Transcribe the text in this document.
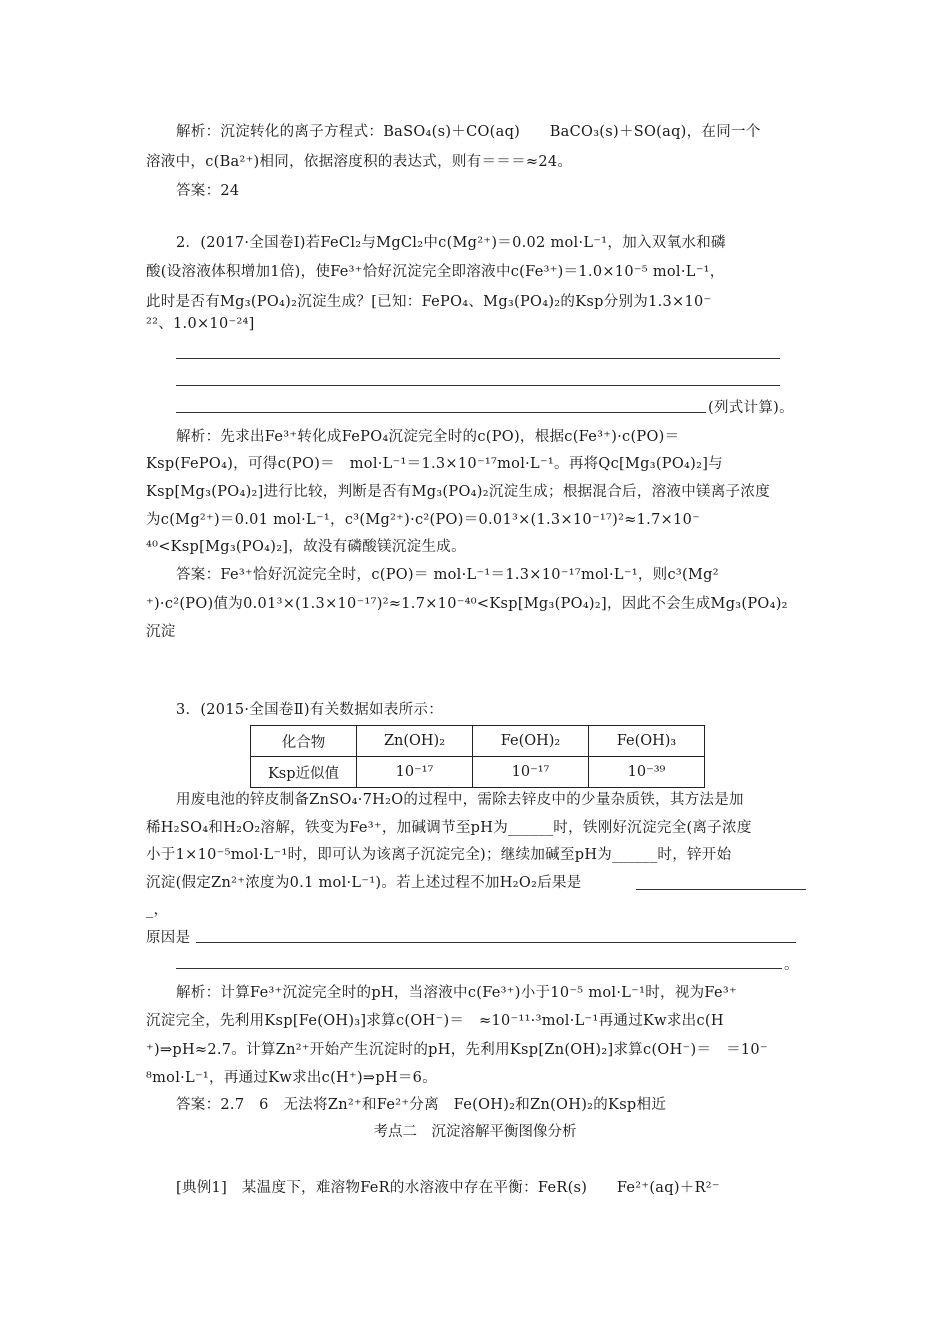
解析：沉淀转化的离子方程式：BaSO₄(s)＋CO(aq)　　BaCO₃(s)＋SO(aq)，在同一个
溶液中，c(Ba²⁺)相同，依据溶度积的表达式，则有＝＝＝≈24。
答案：24
2．(2017·全国卷Ⅰ)若FeCl₂与MgCl₂中c(Mg²⁺)＝0.02 mol·L⁻¹，加入双氧水和磷
酸(设溶液体积增加1倍)，使Fe³⁺恰好沉淀完全即溶液中c(Fe³⁺)＝1.0×10⁻⁵ mol·L⁻¹，
此时是否有Mg₃(PO₄)₂沉淀生成？[已知：FePO₄、Mg₃(PO₄)₂的Ksp分别为1.3×10⁻
²²、1.0×10⁻²⁴]
(列式计算)。
解析：先求出Fe³⁺转化成FePO₄沉淀完全时的c(PO)，根据c(Fe³⁺)·c(PO)＝
Ksp(FePO₄)，可得c(PO)＝　mol·L⁻¹＝1.3×10⁻¹⁷mol·L⁻¹。再将Qc[Mg₃(PO₄)₂]与
Ksp[Mg₃(PO₄)₂]进行比较，判断是否有Mg₃(PO₄)₂沉淀生成；根据混合后，溶液中镁离子浓度
为c(Mg²⁺)＝0.01 mol·L⁻¹，c³(Mg²⁺)·c²(PO)＝0.01³×(1.3×10⁻¹⁷)²≈1.7×10⁻
⁴⁰<Ksp[Mg₃(PO₄)₂]，故没有磷酸镁沉淀生成。
答案：Fe³⁺恰好沉淀完全时，c(PO)＝ mol·L⁻¹＝1.3×10⁻¹⁷mol·L⁻¹，则c³(Mg²
⁺)·c²(PO)值为0.01³×(1.3×10⁻¹⁷)²≈1.7×10⁻⁴⁰<Ksp[Mg₃(PO₄)₂]，因此不会生成Mg₃(PO₄)₂
沉淀
3．(2015·全国卷Ⅱ)有关数据如表所示：
化合物	Zn(OH)₂	Fe(OH)₂	Fe(OH)₃
Ksp近似值	10⁻¹⁷	10⁻¹⁷	10⁻³⁹
用废电池的锌皮制备ZnSO₄·7H₂O的过程中，需除去锌皮中的少量杂质铁，其方法是加
稀H₂SO₄和H₂O₂溶解，铁变为Fe³⁺，加碱调节至pH为______时，铁刚好沉淀完全(离子浓度
小于1×10⁻⁵mol·L⁻¹时，即可认为该离子沉淀完全)；继续加碱至pH为______时，锌开始
沉淀(假定Zn²⁺浓度为0.1 mol·L⁻¹)。若上述过程不加H₂O₂后果是
_，
原因是
。
解析：计算Fe³⁺沉淀完全时的pH，当溶液中c(Fe³⁺)小于10⁻⁵ mol·L⁻¹时，视为Fe³⁺
沉淀完全，先利用Ksp[Fe(OH)₃]求算c(OH⁻)＝　≈10⁻¹¹·³mol·L⁻¹再通过Kw求出c(H
⁺)⇒pH≈2.7。计算Zn²⁺开始产生沉淀时的pH，先利用Ksp[Zn(OH)₂]求算c(OH⁻)＝　＝10⁻
⁸mol·L⁻¹，再通过Kw求出c(H⁺)⇒pH＝6。
答案：2.7　6　无法将Zn²⁺和Fe²⁺分离　Fe(OH)₂和Zn(OH)₂的Ksp相近
考点二　沉淀溶解平衡图像分析
[典例1]　某温度下，难溶物FeR的水溶液中存在平衡：FeR(s)　　Fe²⁺(aq)＋R²⁻
